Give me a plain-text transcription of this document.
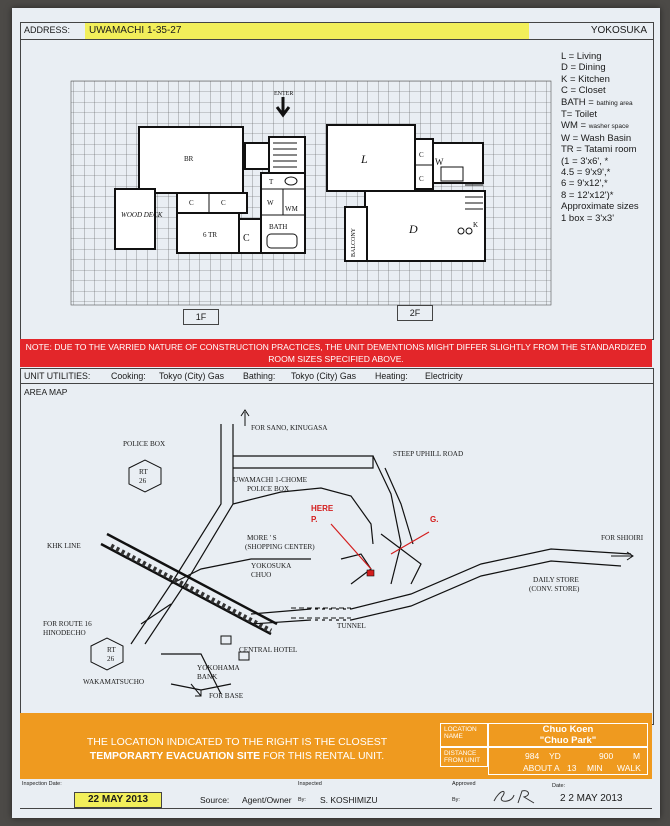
ADDRESS:	UWAMACHI 1-35-27	YOKOSUKA
BR
WOOD DECK
C	C
6 TR	C
BATH
T
W
WM
ENTER
L
D
C
C
W
K
BALCONY
1F	2F
L = Living
D = Dining
K = Kitchen
C = Closet
BATH = bathing area
T= Toilet
WM = washer space
W = Wash Basin
TR = Tatami room
(1 = 3'x6', *
4.5 = 9'x9',*
6 = 9'x12',*
8 = 12'x12')*
Approximate sizes
1 box = 3'x3'
NOTE: DUE TO THE VARRIED NATURE OF CONSTRUCTION PRACTICES, THE UNIT DEMENTIONS MIGHT DIFFER SLIGHTLY FROM THE STANDARDIZED ROOM SIZES SPECIFIED ABOVE.
UNIT UTILITIES: Cooking: Tokyo (City) Gas Bathing: Tokyo (City) Gas Heating: Electricity
AREA MAP
FOR SANO, KINUGASA
POLICE BOX
RT
26	UWAMACHI 1-CHOME
POLICE BOX
STEEP UPHILL ROAD
HERE
P.	G.
KHK LINE
MORE ' S
(SHOPPING CENTER)
YOKOSUKA
CHUO
FOR SHIOIRI
FOR ROUTE 16
HINODECHO
RT
26
TUNNEL
DAILY STORE
(CONV. STORE)
CENTRAL HOTEL
YOKOHAMA
BANK
WAKAMATSUCHO
FOR BASE
THE LOCATION INDICATED TO THE RIGHT IS THE CLOSEST
TEMPORARTY EVACUATION SITE FOR THIS RENTAL UNIT.
LOCATION NAME
Chuo Koen
"Chuo Park"
DISTANCE FROM UNIT	984 YD	900 M
ABOUT A 13 MIN WALK
Inspection Date:
22 MAY 2013	Source: Agent/Owner
Inspected
By: S. KOSHIMIZU
Approved
By:
Date:
2 2 MAY 2013
